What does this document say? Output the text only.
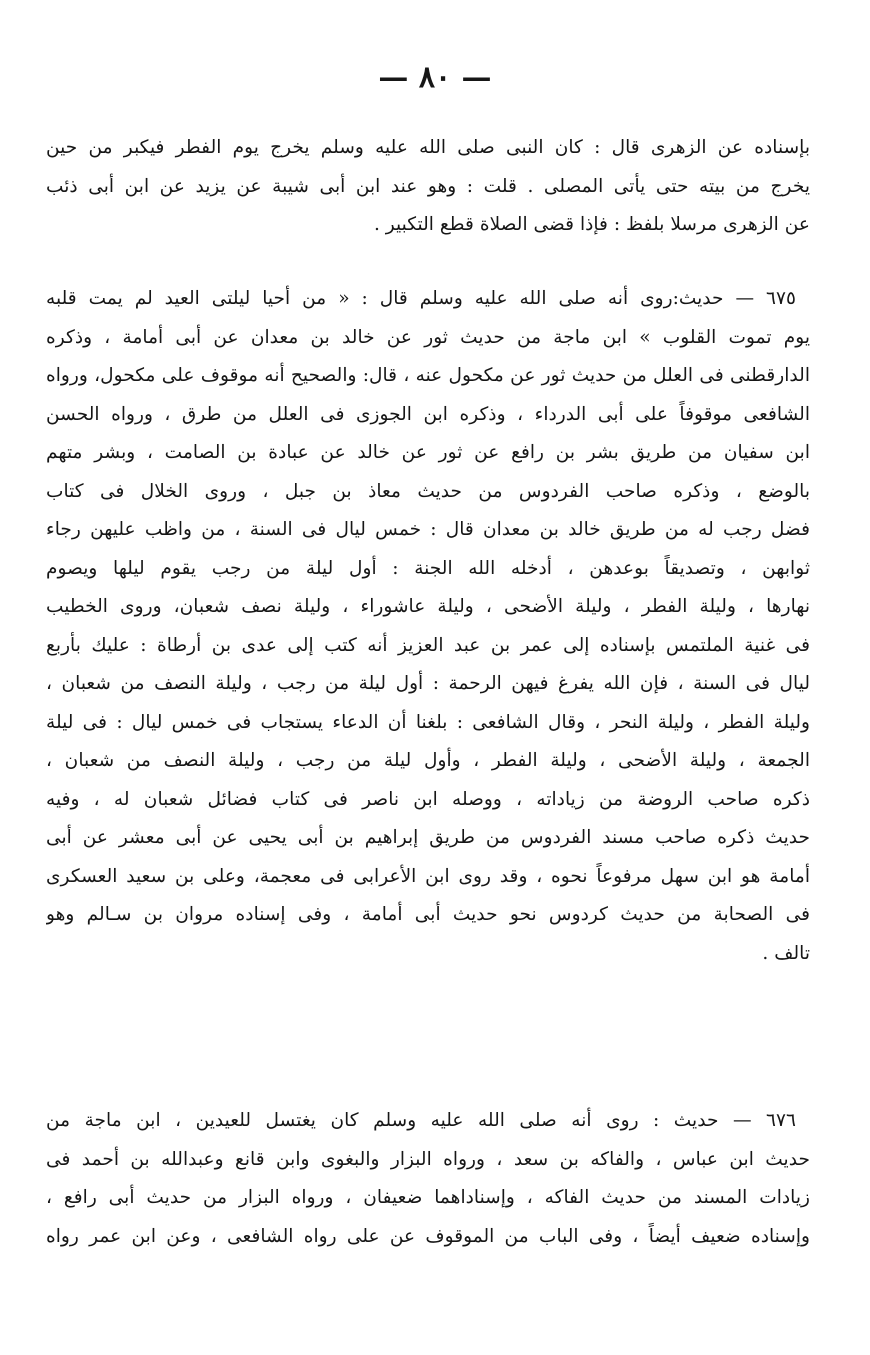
— ٨٠ —
بإسناده عن الزهرى قال : كان النبى صلى الله عليه وسلم يخرج يوم الفطر فيكبر من حين
يخرج من بيته حتى يأتى المصلى . قلت : وهو عند ابن أبى شيبة عن يزيد عن ابن أبى ذئب
عن الزهرى مرسلا بلفظ : فإذا قضى الصلاة قطع التكبير .
٦٧٥ — حديث:روى أنه صلى الله عليه وسلم قال : « من أحيا ليلتى العيد لم يمت قلبه
يوم تموت القلوب » ابن ماجة من حديث ثور عن خالد بن معدان عن أبى أمامة ، وذكره
الدارقطنى فى العلل من حديث ثور عن مكحول عنه ، قال: والصحيح أنه موقوف على مكحول، ورواه
الشافعى موقوفاً على أبى الدرداء ، وذكره ابن الجوزى فى العلل من طرق ، ورواه الحسن
ابن سفيان من طريق بشر بن رافع عن ثور عن خالد عن عبادة بن الصامت ، وبشر متهم
بالوضع ، وذكره صاحب الفردوس من حديث معاذ بن جبل ، وروى الخلال فى كتاب
فضل رجب له من طريق خالد بن معدان قال : خمس ليال فى السنة ، من واظب عليهن رجاء
ثوابهن ، وتصديقاً بوعدهن ، أدخله الله الجنة : أول ليلة من رجب يقوم ليلها ويصوم
نهارها ، وليلة الفطر ، وليلة الأضحى ، وليلة عاشوراء ، وليلة نصف شعبان، وروى الخطيب
فى غنية الملتمس بإسناده إلى عمر بن عبد العزيز أنه كتب إلى عدى بن أرطاة : عليك بأربع
ليال فى السنة ، فإن الله يفرغ فيهن الرحمة : أول ليلة من رجب ، وليلة النصف من شعبان ،
وليلة الفطر ، وليلة النحر ، وقال الشافعى : بلغنا أن الدعاء يستجاب فى خمس ليال : فى ليلة
الجمعة ، وليلة الأضحى ، وليلة الفطر ، وأول ليلة من رجب ، وليلة النصف من شعبان ،
ذكره صاحب الروضة من زياداته ، ووصله ابن ناصر فى كتاب فضائل شعبان له ، وفيه
حديث ذكره صاحب مسند الفردوس من طريق إبراهيم بن أبى يحيى عن أبى معشر عن أبى
أمامة هو ابن سهل مرفوعاً نحوه ، وقد روى ابن الأعرابى فى معجمة، وعلى بن سعيد العسكرى
فى الصحابة من حديث كردوس نحو حديث أبى أمامة ، وفى إسناده مروان بن سـالم وهو
تالف .
٦٧٦ — حديث : روى أنه صلى الله عليه وسلم كان يغتسل للعيدين ، ابن ماجة من
حديث ابن عباس ، والفاكه بن سعد ، ورواه البزار والبغوى وابن قانع وعبدالله بن أحمد فى
زيادات المسند من حديث الفاكه ، وإسناداهما ضعيفان ، ورواه البزار من حديث أبى رافع ،
وإسناده ضعيف أيضاً ، وفى الباب من الموقوف عن على رواه الشافعى ، وعن ابن عمر رواه
